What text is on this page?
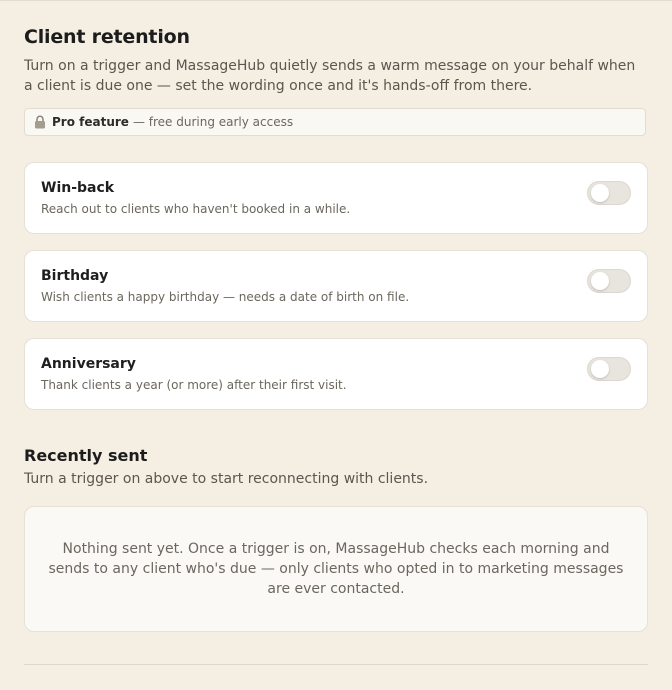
Client retention
Turn on a trigger and MassageHub quietly sends a warm message on your behalf when a client is due one — set the wording once and it's hands-off from there.
Pro feature — free during early access
Win-back
Reach out to clients who haven't booked in a while.
Birthday
Wish clients a happy birthday — needs a date of birth on file.
Anniversary
Thank clients a year (or more) after their first visit.
Recently sent
Turn a trigger on above to start reconnecting with clients.
Nothing sent yet. Once a trigger is on, MassageHub checks each morning and sends to any client who's due — only clients who opted in to marketing messages are ever contacted.
